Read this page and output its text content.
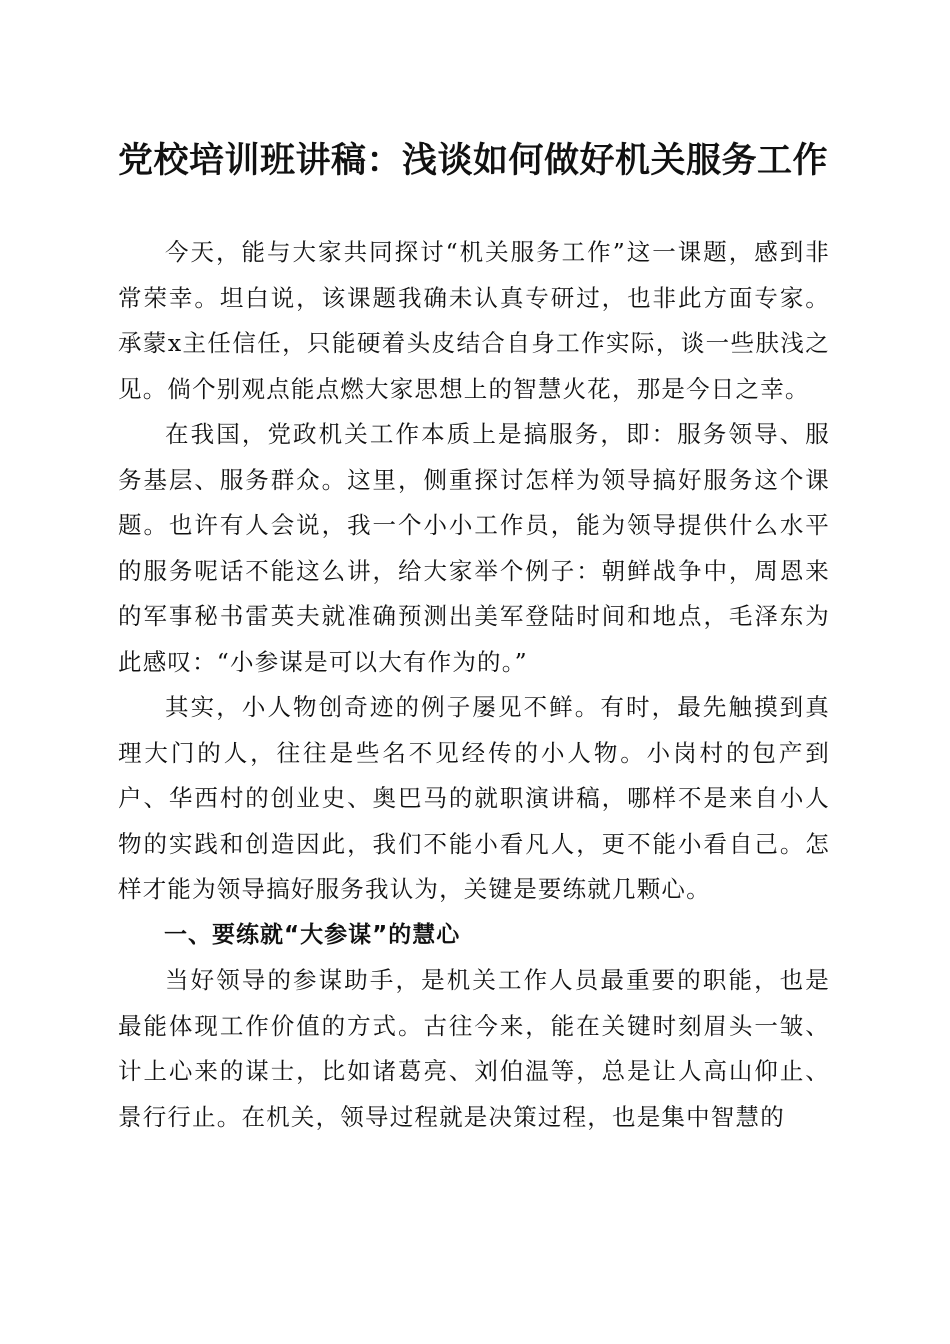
党校培训班讲稿：浅谈如何做好机关服务工作

今天，能与大家共同探讨“机关服务工作”这一课题，感到非常荣幸。坦白说，该课题我确未认真专研过，也非此方面专家。承蒙x主任信任，只能硬着头皮结合自身工作实际，谈一些肤浅之见。倘个别观点能点燃大家思想上的智慧火花，那是今日之幸。

在我国，党政机关工作本质上是搞服务，即：服务领导、服务基层、服务群众。这里，侧重探讨怎样为领导搞好服务这个课题。也许有人会说，我一个小小工作员，能为领导提供什么水平的服务呢话不能这么讲，给大家举个例子：朝鲜战争中，周恩来的军事秘书雷英夫就准确预测出美军登陆时间和地点，毛泽东为此感叹：“小参谋是可以大有作为的。”

其实，小人物创奇迹的例子屡见不鲜。有时，最先触摸到真理大门的人，往往是些名不见经传的小人物。小岗村的包产到户、华西村的创业史、奥巴马的就职演讲稿，哪样不是来自小人物的实践和创造因此，我们不能小看凡人，更不能小看自己。怎样才能为领导搞好服务我认为，关键是要练就几颗心。

一、要练就“大参谋”的慧心

当好领导的参谋助手，是机关工作人员最重要的职能，也是最能体现工作价值的方式。古往今来，能在关键时刻眉头一皱、计上心来的谋士，比如诸葛亮、刘伯温等，总是让人高山仰止、景行行止。在机关，领导过程就是决策过程，也是集中智慧的
